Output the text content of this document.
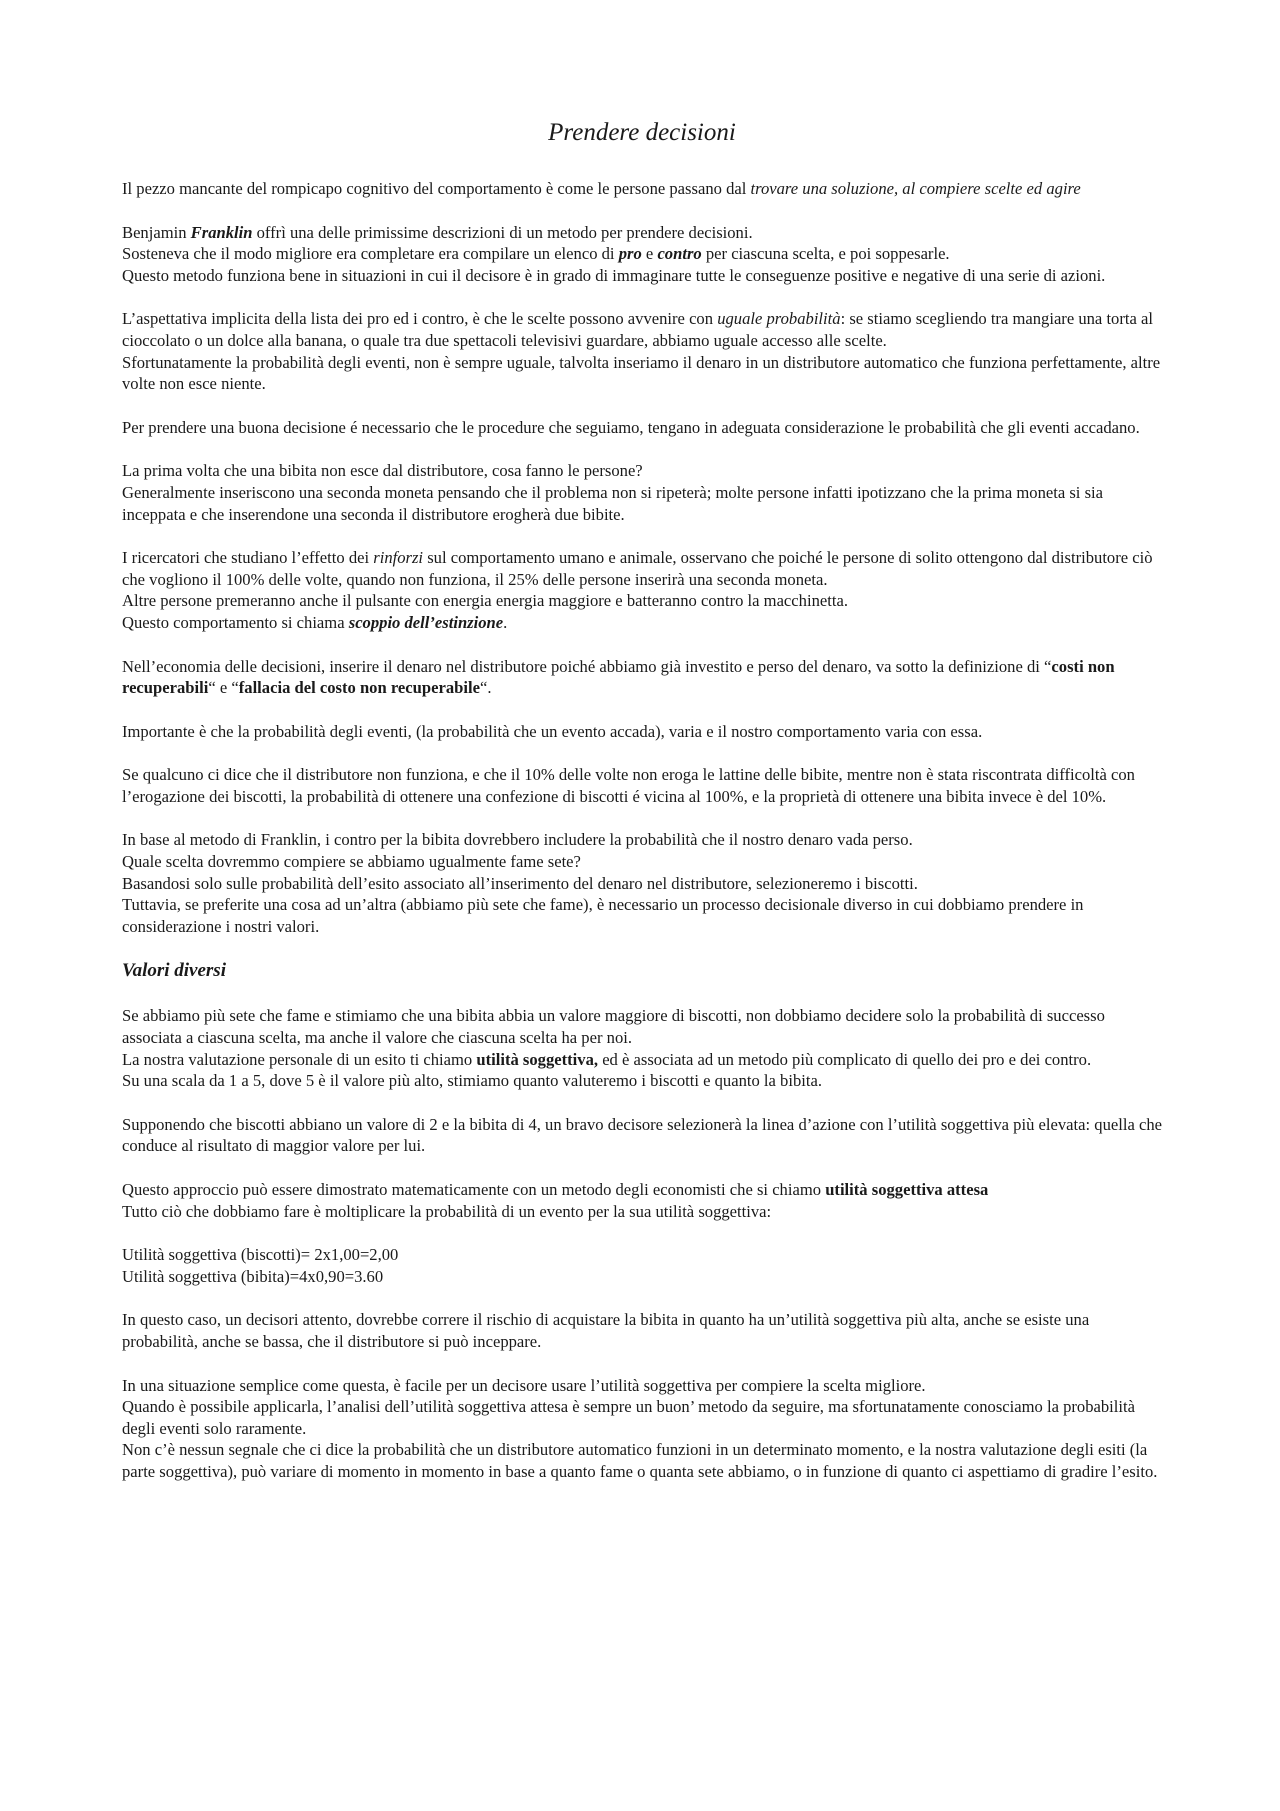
Prendere decisioni

Il pezzo mancante del rompicapo cognitivo del comportamento è come le persone passano dal trovare una soluzione, al compiere scelte ed agire

Benjamin Franklin offrì una delle primissime descrizioni di un metodo per prendere decisioni.
Sosteneva che il modo migliore era completare era compilare un elenco di pro e contro per ciascuna scelta, e poi soppesarle.
Questo metodo funziona bene in situazioni in cui il decisore è in grado di immaginare tutte le conseguenze positive e negative di una serie di azioni.

L’aspettativa implicita della lista dei pro ed i contro, è che le scelte possono avvenire con uguale probabilità: se stiamo scegliendo tra mangiare una torta al cioccolato o un dolce alla banana, o quale tra due spettacoli televisivi guardare, abbiamo uguale accesso alle scelte.
Sfortunatamente la probabilità degli eventi, non è sempre uguale, talvolta inseriamo il denaro in un distributore automatico che funziona perfettamente, altre volte non esce niente.

Per prendere una buona decisione é necessario che le procedure che seguiamo, tengano in adeguata considerazione le probabilità che gli eventi accadano.

La prima volta che una bibita non esce dal distributore, cosa fanno le persone?
Generalmente inseriscono una seconda moneta pensando che il problema non si ripeterà; molte persone infatti ipotizzano che la prima moneta si sia inceppata e che inserendone una seconda il distributore erogherà due bibite.

I ricercatori che studiano l’effetto dei rinforzi sul comportamento umano e animale, osservano che poiché le persone di solito ottengono dal distributore ciò che vogliono il 100% delle volte, quando non funziona, il 25% delle persone inserirà una seconda moneta.
Altre persone premeranno anche il pulsante con energia energia maggiore e batteranno contro la macchinetta.
Questo comportamento si chiama scoppio dell’estinzione.

Nell’economia delle decisioni, inserire il denaro nel distributore poiché abbiamo già investito e perso del denaro, va sotto la definizione di “costi non recuperabili“ e “fallacia del costo non recuperabile“.

Importante è che la probabilità degli eventi, (la probabilità che un evento accada), varia e il nostro comportamento varia con essa.

Se qualcuno ci dice che il distributore non funziona, e che il 10% delle volte non eroga le lattine delle bibite, mentre non è stata riscontrata difficoltà con l’erogazione dei biscotti, la probabilità di ottenere una confezione di biscotti é vicina al 100%, e la proprietà di ottenere una bibita invece è del 10%.

In base al metodo di Franklin, i contro per la bibita dovrebbero includere la probabilità che il nostro denaro vada perso.
Quale scelta dovremmo compiere se abbiamo ugualmente fame sete?
Basandosi solo sulle probabilità dell’esito associato all’inserimento del denaro nel distributore, selezioneremo i biscotti.
Tuttavia, se preferite una cosa ad un’altra (abbiamo più sete che fame), è necessario un processo decisionale diverso in cui dobbiamo prendere in considerazione i nostri valori.

Valori diversi

Se abbiamo più sete che fame e stimiamo che una bibita abbia un valore maggiore di biscotti, non dobbiamo decidere solo la probabilità di successo associata a ciascuna scelta, ma anche il valore che ciascuna scelta ha per noi.
La nostra valutazione personale di un esito ti chiamo utilità soggettiva, ed è associata ad un metodo più complicato di quello dei pro e dei contro.
Su una scala da 1 a 5, dove 5 è il valore più alto, stimiamo quanto valuteremo i biscotti e quanto la bibita.

Supponendo che biscotti abbiano un valore di 2 e la bibita di 4, un bravo decisore selezionerà la linea d’azione con l’utilità soggettiva più elevata: quella che conduce al risultato di maggior valore per lui.

Questo approccio può essere dimostrato matematicamente con un metodo degli economisti che si chiamo utilità soggettiva attesa
Tutto ciò che dobbiamo fare è moltiplicare la probabilità di un evento per la sua utilità soggettiva:

Utilità soggettiva (biscotti)= 2x1,00=2,00
Utilità soggettiva (bibita)=4x0,90=3.60

In questo caso, un decisori attento, dovrebbe correre il rischio di acquistare la bibita in quanto ha un’utilità soggettiva più alta, anche se esiste una probabilità, anche se bassa, che il distributore si può inceppare.

In una situazione semplice come questa, è facile per un decisore usare l’utilità soggettiva per compiere la scelta migliore.
Quando è possibile applicarla, l’analisi dell’utilità soggettiva attesa è sempre un buon’ metodo da seguire, ma sfortunatamente conosciamo la probabilità degli eventi solo raramente.
Non c’è nessun segnale che ci dice la probabilità che un distributore automatico funzioni in un determinato momento, e la nostra valutazione degli esiti (la parte soggettiva), può variare di momento in momento in base a quanto fame o quanta sete abbiamo, o in funzione di quanto ci aspettiamo di gradire l’esito.
